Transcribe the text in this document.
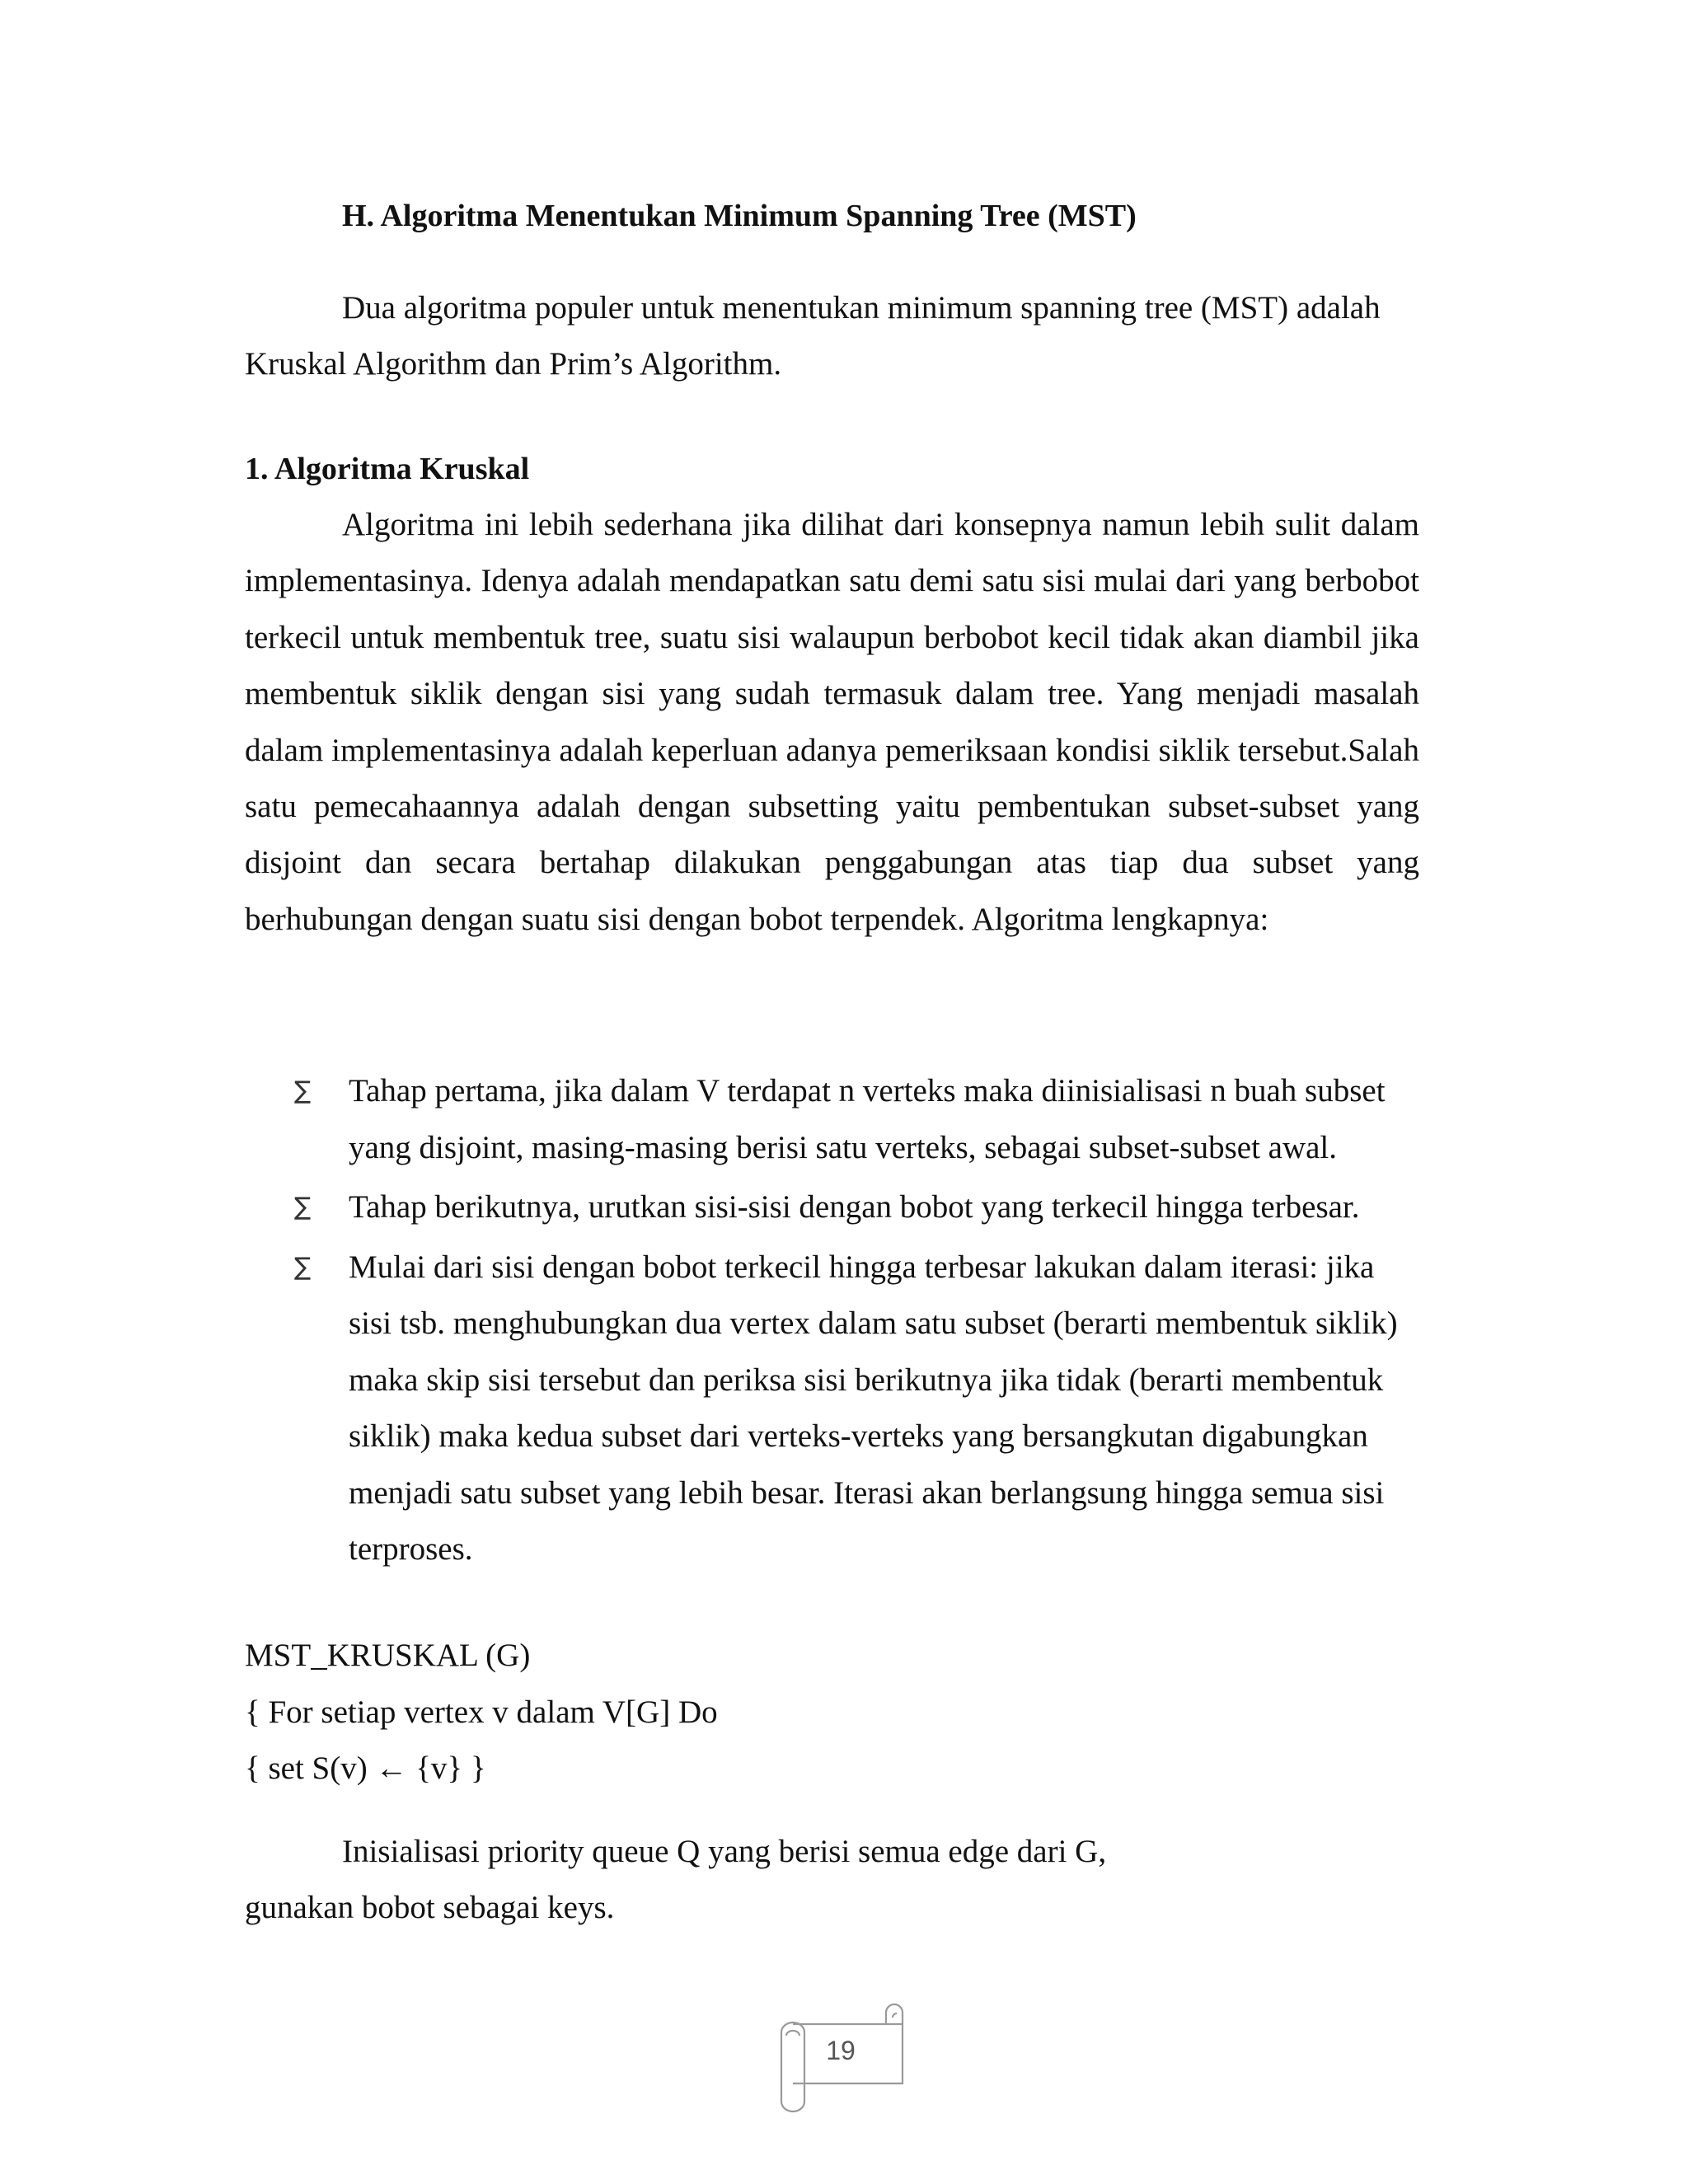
H. Algoritma Menentukan Minimum Spanning Tree (MST)

Dua algoritma populer untuk menentukan minimum spanning tree (MST) adalah Kruskal Algorithm dan Prim’s Algorithm.

1. Algoritma Kruskal

Algoritma ini lebih sederhana jika dilihat dari konsepnya namun lebih sulit dalam implementasinya. Idenya adalah mendapatkan satu demi satu sisi mulai dari yang berbobot terkecil untuk membentuk tree, suatu sisi walaupun berbobot kecil tidak akan diambil jika membentuk siklik dengan sisi yang sudah termasuk dalam tree. Yang menjadi masalah dalam implementasinya adalah keperluan adanya pemeriksaan kondisi siklik tersebut.Salah satu pemecahaannya adalah dengan subsetting yaitu pembentukan subset-subset yang disjoint dan secara bertahap dilakukan penggabungan atas tiap dua subset yang berhubungan dengan suatu sisi dengan bobot terpendek. Algoritma lengkapnya:

∑ Tahap pertama, jika dalam V terdapat n verteks maka diinisialisasi n buah subset yang disjoint, masing-masing berisi satu verteks, sebagai subset-subset awal.
∑ Tahap berikutnya, urutkan sisi-sisi dengan bobot yang terkecil hingga terbesar.
∑ Mulai dari sisi dengan bobot terkecil hingga terbesar lakukan dalam iterasi: jika sisi tsb. menghubungkan dua vertex dalam satu subset (berarti membentuk siklik) maka skip sisi tersebut dan periksa sisi berikutnya jika tidak (berarti membentuk siklik) maka kedua subset dari verteks-verteks yang bersangkutan digabungkan menjadi satu subset yang lebih besar. Iterasi akan berlangsung hingga semua sisi terproses.
MST_KRUSKAL (G)
{ For setiap vertex v dalam V[G] Do
{ set S(v) ← {v} }
Inisialisasi priority queue Q yang berisi semua edge dari G,
gunakan bobot sebagai keys.
19
